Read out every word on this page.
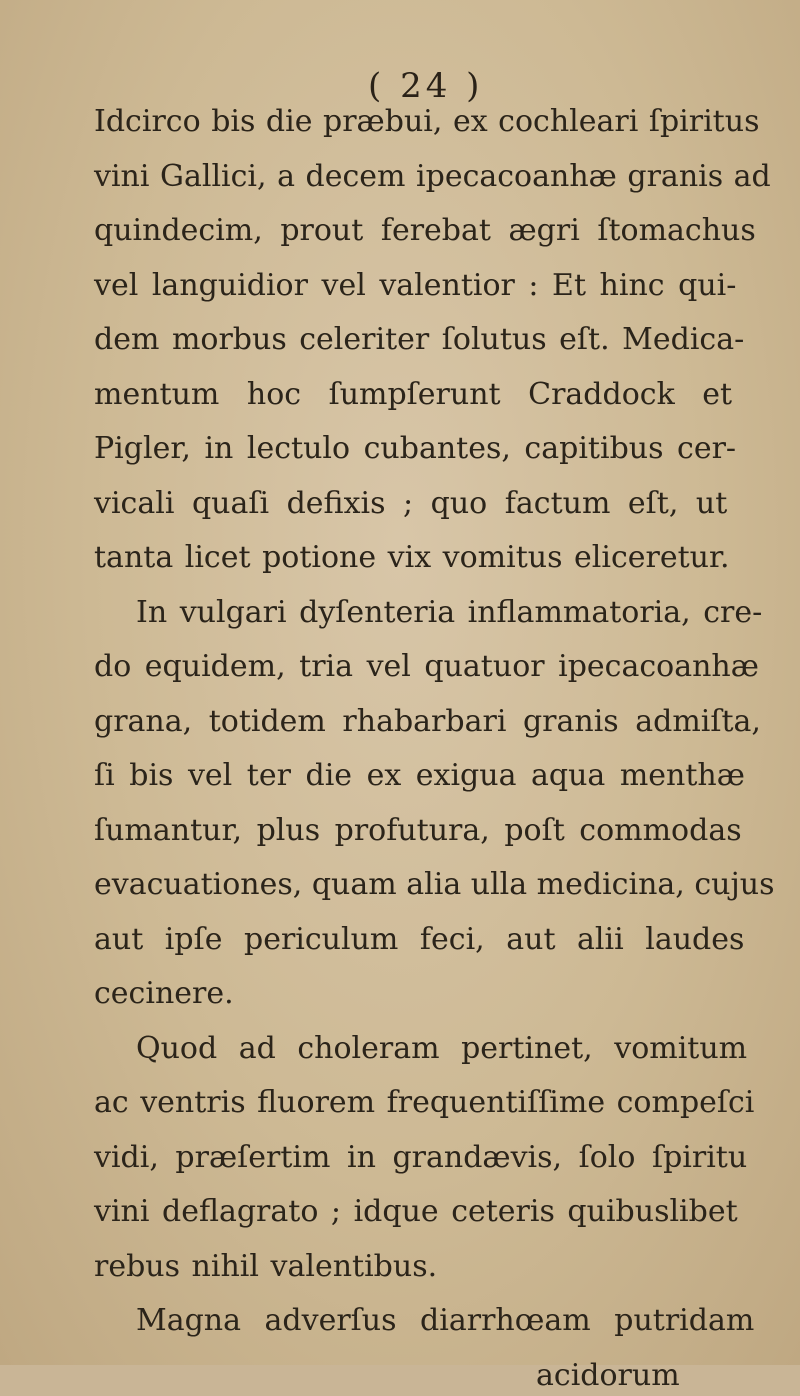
( 24 )
Idcirco bis die præbui, ex cochleari ſpiritus
vini Gallici, a decem ipecacoanhæ granis ad
quindecim, prout ferebat ægri ſtomachus
vel languidior vel valentior : Et hinc qui-
dem morbus celeriter ſolutus eſt. Medica-
mentum hoc ſumpſerunt Craddock et
Pigler, in lectulo cubantes, capitibus cer-
vicali quaſi defixis ; quo factum eſt, ut
tanta licet potione vix vomitus eliceretur.
In vulgari dyſenteria inflammatoria, cre-
do equidem, tria vel quatuor ipecacoanhæ
grana, totidem rhabarbari granis admiſta,
ſi bis vel ter die ex exigua aqua menthæ
ſumantur, plus profutura, poſt commodas
evacuationes, quam alia ulla medicina, cujus
aut ipſe periculum feci, aut alii laudes
cecinere.
Quod ad choleram pertinet, vomitum
ac ventris fluorem frequentiſſime compeſci
vidi, præſertim in grandævis, ſolo ſpiritu
vini deflagrato ; idque ceteris quibuslibet
rebus nihil valentibus.
Magna adverſus diarrhœam putridam
acidorum
